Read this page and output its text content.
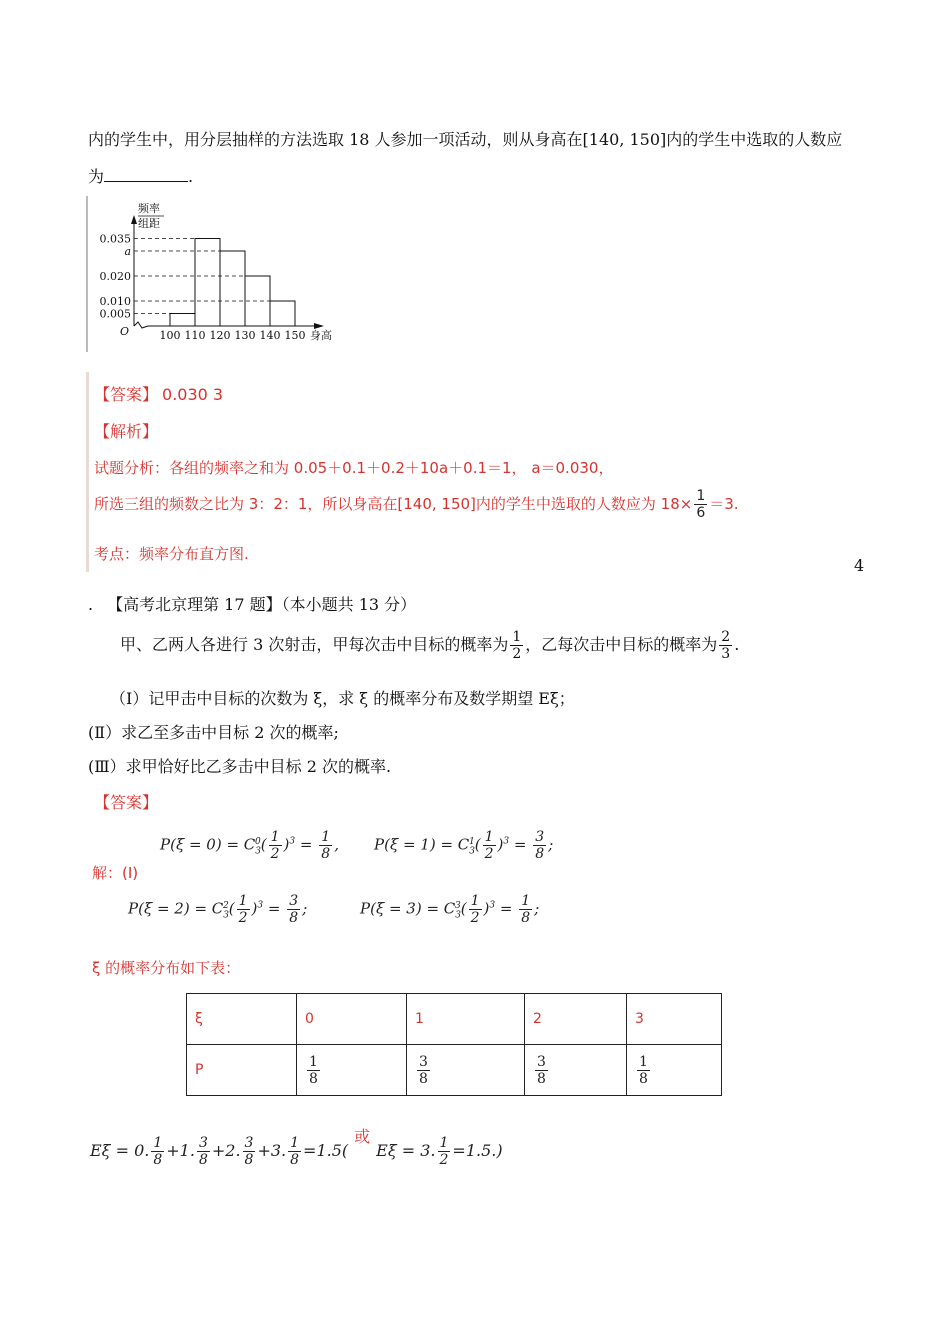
内的学生中，用分层抽样的方法选取 18 人参加一项活动，则从身高在[140, 150]内的学生中选取的人数应
为	.
频率
组距
0.035
a
0.020
0.010
0.005
O	100 110 120 130 140 150 身高
【答案】 0.030 3
【解析】
试题分析：各组的频率之和为 0.05＋0.1＋0.2＋10a＋0.1＝1， a＝0.030，
所选三组的频数之比为 3：2：1，所以身高在[140, 150]内的学生中选取的人数应为 $18\times \frac{1}{6} =3$.
考点：频率分布直方图.
4
. 【高考北京理第 17 题】（本小题共 13 分）
甲、乙两人各进行 3 次射击，甲每次击中目标的概率为 $\frac{1}{2}$ ，乙每次击中目标的概率为 $\frac{2}{3}$ .
（Ⅰ）记甲击中目标的次数为 ξ，求 ξ 的概率分布及数学期望 Eξ；
(Ⅱ）求乙至多击中目标 2 次的概率;
(Ⅲ）求甲恰好比乙多击中目标 2 次的概率.
【答案】
解：(Ⅰ)
$P(\xi = 0) = C_3^0( \frac{1}{2} )^3 = \frac{1}{8}$ , $P(\xi = 1) = C_3^1( \frac{1}{2} )^3 = \frac{3}{8}$ ;
$P(\xi = 2) = C_3^2( \frac{1}{2} )^3 = \frac{3}{8}$ ;	$P(\xi = 3) = C_3^3( \frac{1}{2} )^3 = \frac{1}{8}$ ;
ξ 的概率分布如下表：
ξ	0	1	2	3
P	$\frac{1}{8}$	$\frac{3}{8}$	$\frac{3}{8}$	$\frac{1}{8}$
Eξ = 0. $\frac{1}{8} +1$. $\frac{3}{8} +2$. $\frac{3}{8} +3$. $\frac{1}{8} =1.5$(或Eξ = 3. $\frac{1}{2} =1.5$.)
